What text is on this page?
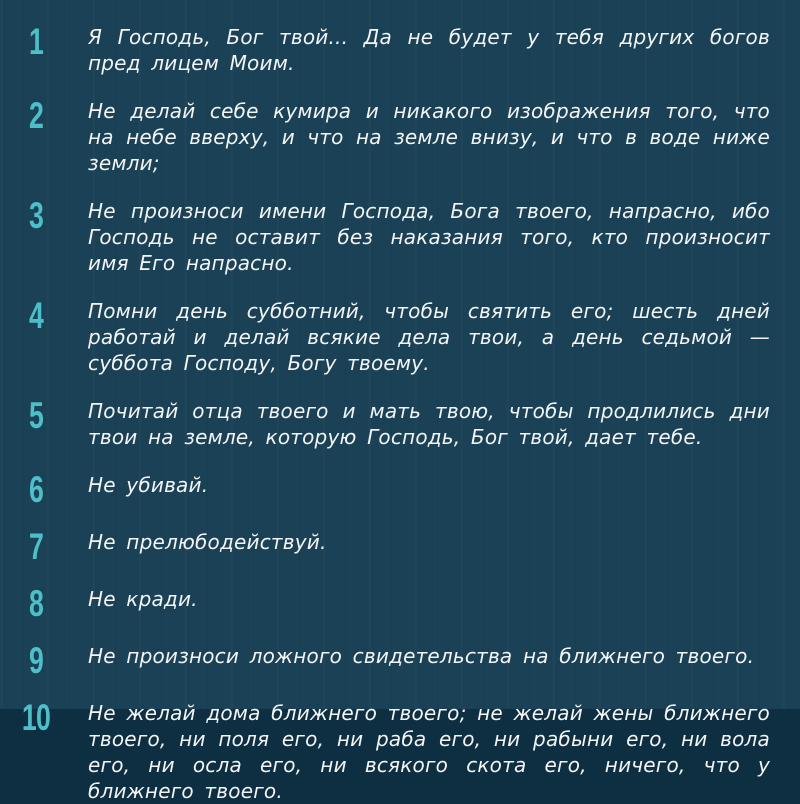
1	Я Господь, Бог твой... Да не будет у тебя других богов пред лицем Моим.
2	Не делай себе кумира и никакого изображения того, что на небе вверху, и что на земле внизу, и что в воде ниже земли;
3	Не произноси имени Господа, Бога твоего, напрасно, ибо Господь не оставит без наказания того, кто произносит имя Его напрасно.
4	Помни день субботний, чтобы святить его; шесть дней работай и делай всякие дела твои, а день седьмой — суббота Господу, Богу твоему.
5	Почитай отца твоего и мать твою, чтобы продлились дни твои на земле, которую Господь, Бог твой, дает тебе.
6	Не убивай.
7	Не прелюбодействуй.
8	Не кради.
9	Не произноси ложного свидетельства на ближнего твоего.
10 Не желай дома ближнего твоего; не желай жены ближнего твоего, ни поля его, ни раба его, ни рабыни его, ни вола его, ни осла его, ни всякого скота его, ничего, что у ближнего твоего.
